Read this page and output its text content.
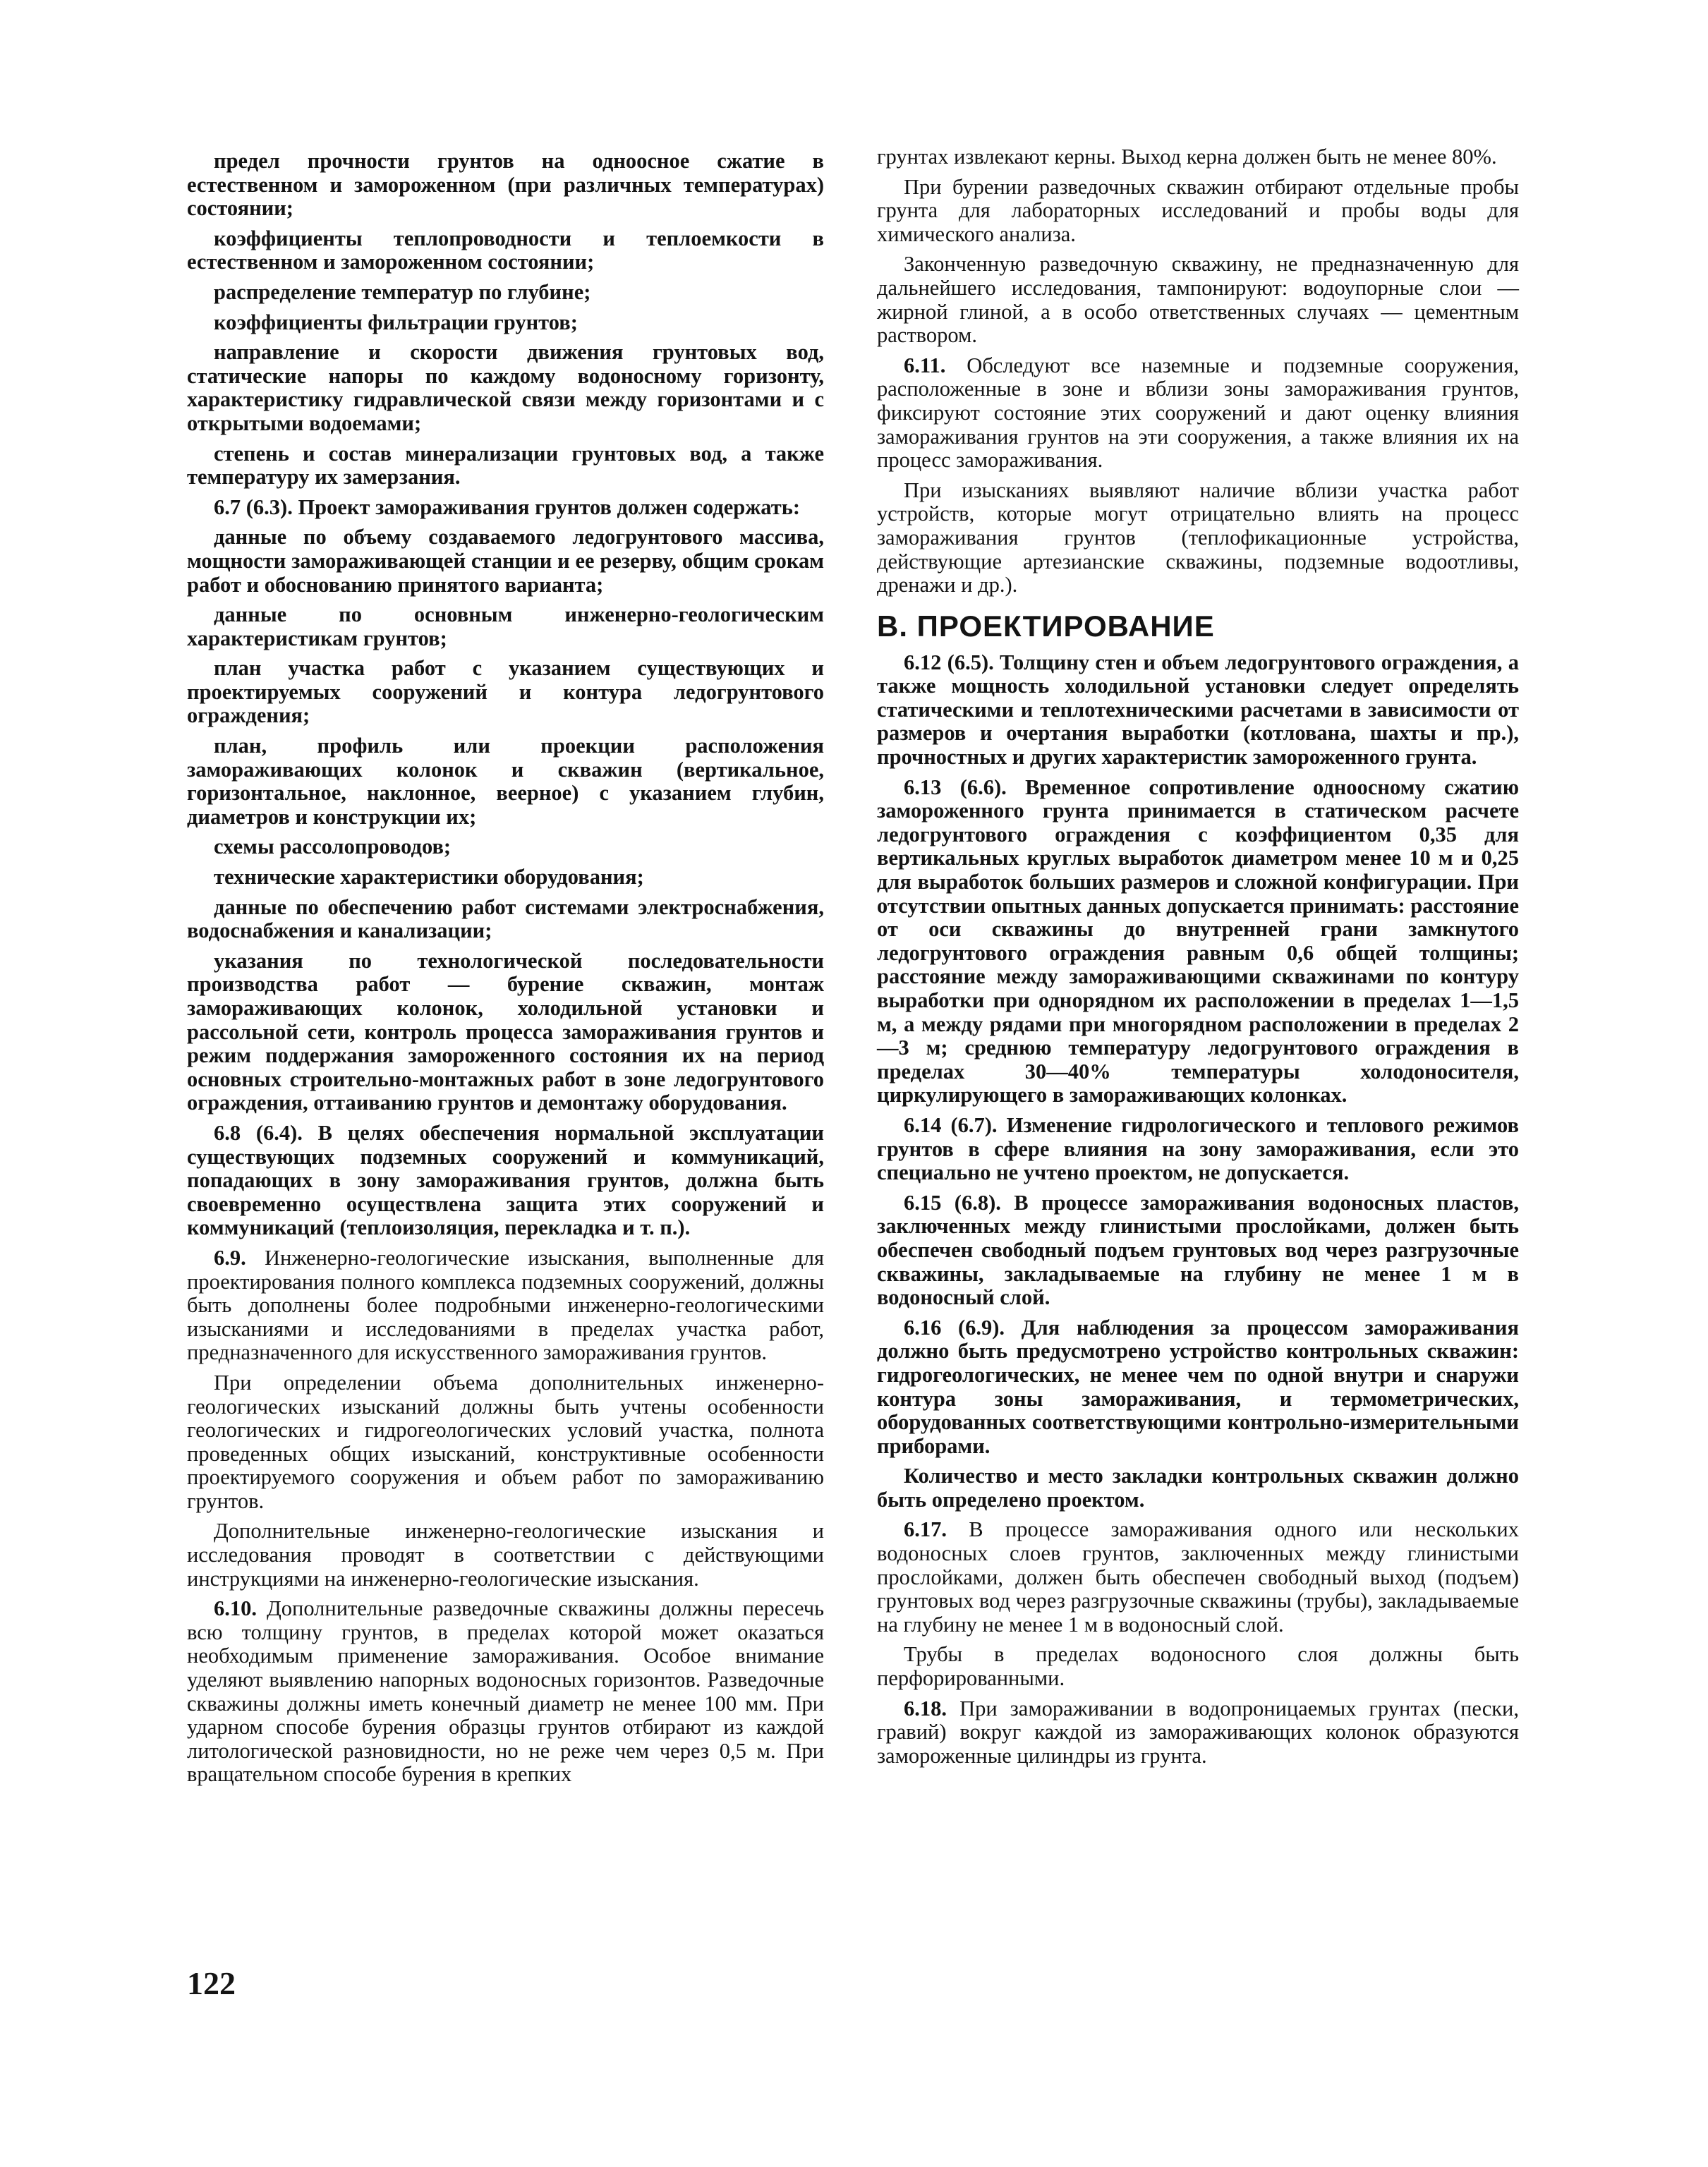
предел прочности грунтов на одноосное сжатие в естественном и замороженном (при различных температурах) состоянии;

коэффициенты теплопроводности и теплоемкости в естественном и замороженном состоянии;

распределение температур по глубине;

коэффициенты фильтрации грунтов;

направление и скорости движения грунтовых вод, статические напоры по каждому водоносному горизонту, характеристику гидравлической связи между горизонтами и с открытыми водоемами;

степень и состав минерализации грунтовых вод, а также температуру их замерзания.

6.7 (6.3). Проект замораживания грунтов должен содержать:

данные по объему создаваемого ледогрунтового массива, мощности замораживающей станции и ее резерву, общим срокам работ и обоснованию принятого варианта;

данные по основным инженерно-геологическим характеристикам грунтов;

план участка работ с указанием существующих и проектируемых сооружений и контура ледогрунтового ограждения;

план, профиль или проекции расположения замораживающих колонок и скважин (вертикальное, горизонтальное, наклонное, веерное) с указанием глубин, диаметров и конструкции их;

схемы рассолопроводов;

технические характеристики оборудования;

данные по обеспечению работ системами электроснабжения, водоснабжения и канализации;

указания по технологической последовательности производства работ — бурение скважин, монтаж замораживающих колонок, холодильной установки и рассольной сети, контроль процесса замораживания грунтов и режим поддержания замороженного состояния их на период основных строительно-монтажных работ в зоне ледогрунтового ограждения, оттаиванию грунтов и демонтажу оборудования.

6.8 (6.4). В целях обеспечения нормальной эксплуатации существующих подземных сооружений и коммуникаций, попадающих в зону замораживания грунтов, должна быть своевременно осуществлена защита этих сооружений и коммуникаций (теплоизоляция, перекладка и т. п.).

6.9. Инженерно-геологические изыскания, выполненные для проектирования полного комплекса подземных сооружений, должны быть дополнены более подробными инженерно-геологическими изысканиями и исследованиями в пределах участка работ, предназначенного для искусственного замораживания грунтов.

При определении объема дополнительных инженерно-геологических изысканий должны быть учтены особенности геологических и гидрогеологических условий участка, полнота проведенных общих изысканий, конструктивные особенности проектируемого сооружения и объем работ по замораживанию грунтов.

Дополнительные инженерно-геологические изыскания и исследования проводят в соответствии с действующими инструкциями на инженерно-геологические изыскания.

6.10. Дополнительные разведочные скважины должны пересечь всю толщину грунтов, в пределах которой может оказаться необходимым применение замораживания. Особое внимание уделяют выявлению напорных водоносных горизонтов. Разведочные скважины должны иметь конечный диаметр не менее 100 мм. При ударном способе бурения образцы грунтов отбирают из каждой литологической разновидности, но не реже чем через 0,5 м. При вращательном способе бурения в крепких

грунтах извлекают керны. Выход керна должен быть не менее 80%.

При бурении разведочных скважин отбирают отдельные пробы грунта для лабораторных исследований и пробы воды для химического анализа.

Законченную разведочную скважину, не предназначенную для дальнейшего исследования, тампонируют: водоупорные слои — жирной глиной, а в особо ответственных случаях — цементным раствором.

6.11. Обследуют все наземные и подземные сооружения, расположенные в зоне и вблизи зоны замораживания грунтов, фиксируют состояние этих сооружений и дают оценку влияния замораживания грунтов на эти сооружения, а также влияния их на процесс замораживания.

При изысканиях выявляют наличие вблизи участка работ устройств, которые могут отрицательно влиять на процесс замораживания грунтов (теплофикационные устройства, действующие артезианские скважины, подземные водоотливы, дренажи и др.).

В. ПРОЕКТИРОВАНИЕ

6.12 (6.5). Толщину стен и объем ледогрунтового ограждения, а также мощность холодильной установки следует определять статическими и теплотехническими расчетами в зависимости от размеров и очертания выработки (котлована, шахты и пр.), прочностных и других характеристик замороженного грунта.

6.13 (6.6). Временное сопротивление одноосному сжатию замороженного грунта принимается в статическом расчете ледогрунтового ограждения с коэффициентом 0,35 для вертикальных круглых выработок диаметром менее 10 м и 0,25 для выработок больших размеров и сложной конфигурации. При отсутствии опытных данных допускается принимать: расстояние от оси скважины до внутренней грани замкнутого ледогрунтового ограждения равным 0,6 общей толщины; расстояние между замораживающими скважинами по контуру выработки при однорядном их расположении в пределах 1—1,5 м, а между рядами при многорядном расположении в пределах 2—3 м; среднюю температуру ледогрунтового ограждения в пределах 30—40% температуры холодоносителя, циркулирующего в замораживающих колонках.

6.14 (6.7). Изменение гидрологического и теплового режимов грунтов в сфере влияния на зону замораживания, если это специально не учтено проектом, не допускается.

6.15 (6.8). В процессе замораживания водоносных пластов, заключенных между глинистыми прослойками, должен быть обеспечен свободный подъем грунтовых вод через разгрузочные скважины, закладываемые на глубину не менее 1 м в водоносный слой.

6.16 (6.9). Для наблюдения за процессом замораживания должно быть предусмотрено устройство контрольных скважин: гидрогеологических, не менее чем по одной внутри и снаружи контура зоны замораживания, и термометрических, оборудованных соответствующими контрольно-измерительными приборами.

Количество и место закладки контрольных скважин должно быть определено проектом.

6.17. В процессе замораживания одного или нескольких водоносных слоев грунтов, заключенных между глинистыми прослойками, должен быть обеспечен свободный выход (подъем) грунтовых вод через разгрузочные скважины (трубы), закладываемые на глубину не менее 1 м в водоносный слой.

Трубы в пределах водоносного слоя должны быть перфорированными.

6.18. При замораживании в водопроницаемых грунтах (пески, гравий) вокруг каждой из замораживающих колонок образуются замороженные цилиндры из грунта.

122
